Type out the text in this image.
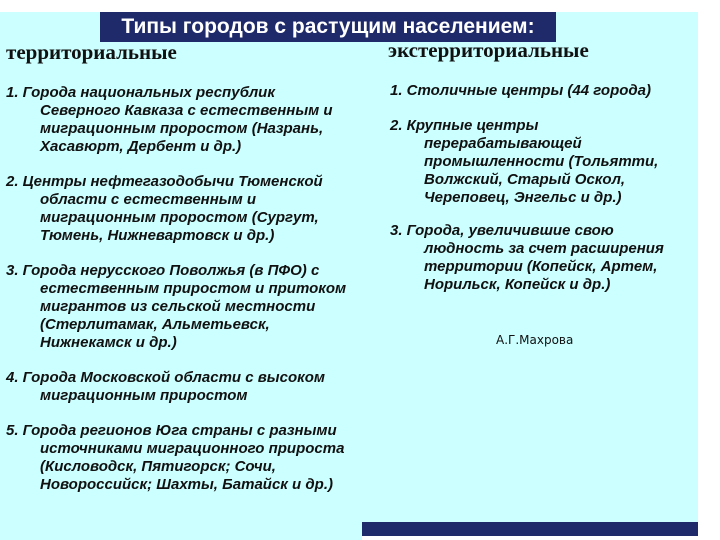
Типы городов с растущим населением:
территориальные	экстерриториальные
1. Города национальных республик Северного Кавказа с естественным и миграционным проростом (Назрань, Хасавюрт, Дербент и др.)
2. Центры нефтегазодобычи Тюменской области с естественным и миграционным проростом (Сургут, Тюмень, Нижневартовск и др.)
3. Города нерусского Поволжья (в ПФО) с естественным приростом и притоком мигрантов из сельской местности (Стерлитамак, Альметьевск, Нижнекамск и др.)
4. Города Московской области с высоком миграционным приростом
5. Города регионов Юга страны с разными источниками миграционного прироста (Кисловодск, Пятигорск; Сочи, Новороссийск; Шахты, Батайск и др.)
1. Столичные центры (44 города)
2. Крупные центры перерабатывающей промышленности (Тольятти, Волжский, Старый Оскол, Череповец, Энгельс и др.)
3. Города, увеличившие свою людность за счет расширения территории (Копейск, Артем, Норильск, Копейск и др.)
А.Г.Махрова
